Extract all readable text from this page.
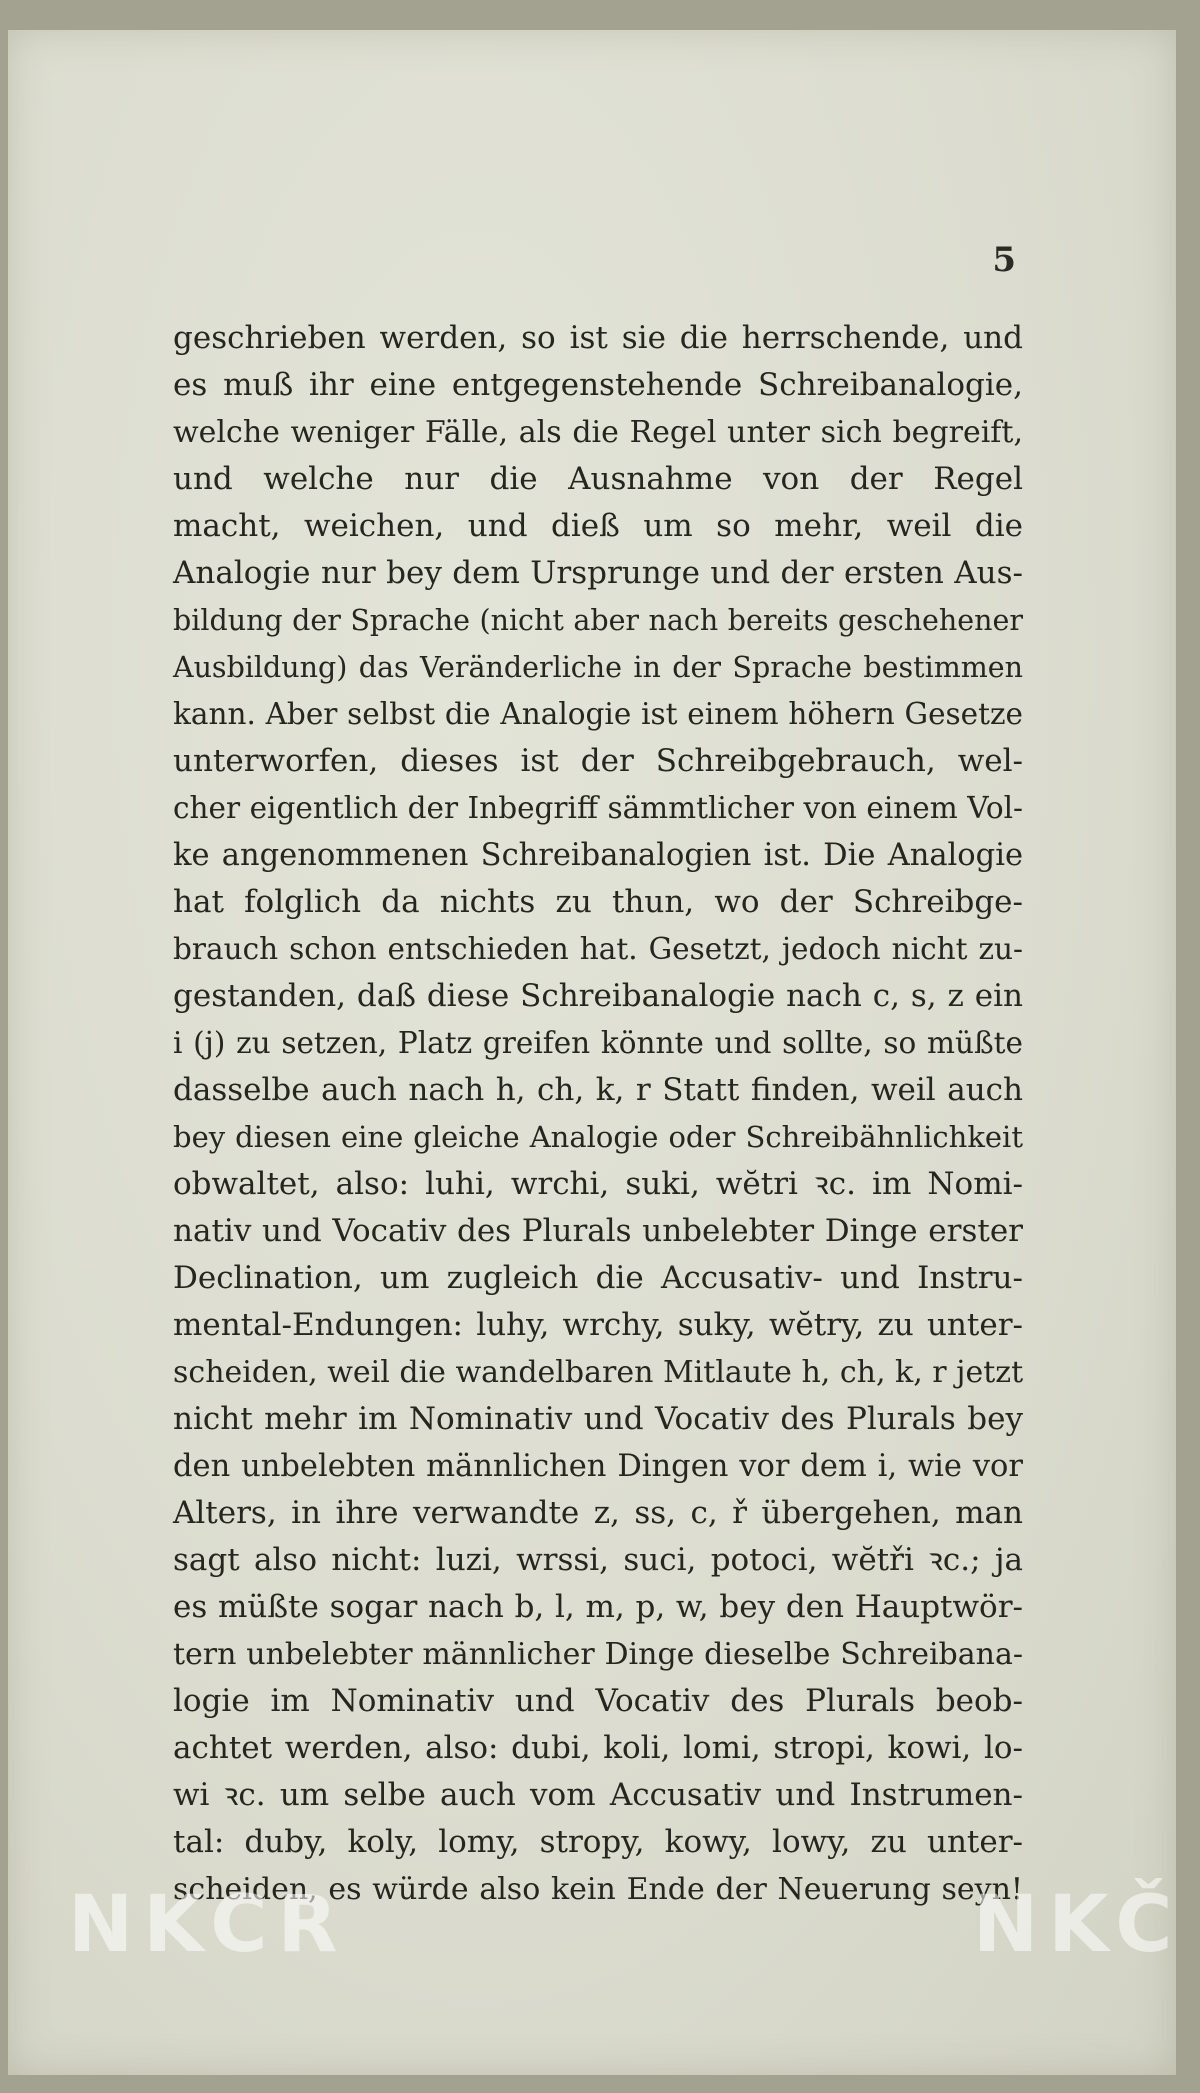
5
geschrieben werden, so ist sie die herrschende, und
es muß ihr eine entgegenstehende Schreibanalogie,
welche weniger Fälle, als die Regel unter sich begreift,
und welche nur die Ausnahme von der Regel
macht, weichen, und dieß um so mehr, weil die
Analogie nur bey dem Ursprunge und der ersten Aus-
bildung der Sprache (nicht aber nach bereits geschehener
Ausbildung) das Veränderliche in der Sprache bestimmen
kann. Aber selbst die Analogie ist einem höhern Gesetze
unterworfen, dieses ist der Schreibgebrauch, wel-
cher eigentlich der Inbegriff sämmtlicher von einem Vol-
ke angenommenen Schreibanalogien ist. Die Analogie
hat folglich da nichts zu thun, wo der Schreibge-
brauch schon entschieden hat. Gesetzt, jedoch nicht zu-
gestanden, daß diese Schreibanalogie nach c, s, z ein
i (j) zu setzen, Platz greifen könnte und sollte, so müßte
dasselbe auch nach h, ch, k, r Statt finden, weil auch
bey diesen eine gleiche Analogie oder Schreibähnlichkeit
obwaltet, also: luhi, wrchi, suki, wĕtri ꝛc. im Nomi-
nativ und Vocativ des Plurals unbelebter Dinge erster
Declination, um zugleich die Accusativ- und Instru-
mental-Endungen: luhy, wrchy, suky, wĕtry, zu unter-
scheiden, weil die wandelbaren Mitlaute h, ch, k, r jetzt
nicht mehr im Nominativ und Vocativ des Plurals bey
den unbelebten männlichen Dingen vor dem i, wie vor
Alters, in ihre verwandte z, ss, c, ř übergehen, man
sagt also nicht: luzi, wrssi, suci, potoci, wĕtři ꝛc.; ja
es müßte sogar nach b, l, m, p, w, bey den Hauptwör-
tern unbelebter männlicher Dinge dieselbe Schreibana-
logie im Nominativ und Vocativ des Plurals beob-
achtet werden, also: dubi, koli, lomi, stropi, kowi, lo-
wi ꝛc. um selbe auch vom Accusativ und Instrumen-
tal: duby, koly, lomy, stropy, kowy, lowy, zu unter-
scheiden, es würde also kein Ende der Neuerung seyn!
NKCR	NKČ
